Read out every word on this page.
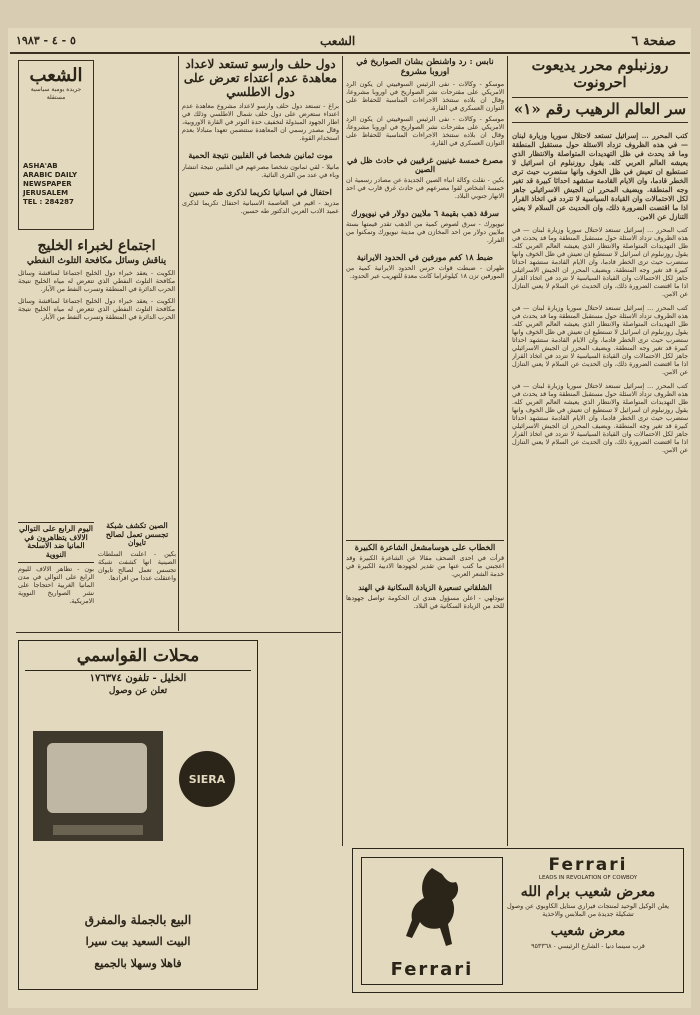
صفحة ٦
الشعب
٥ - ٤ - ١٩٨٣

روزنبلوم محرر يديعوت احرونوت

سر العالم الرهيب رقم «١»

كتب المحرر … إسرائيل تستعد لاحتلال سوريا وزيارة لبنان — في هذه الظروف تزداد الاسئلة حول مستقبل المنطقة وما قد يحدث في ظل التهديدات المتواصلة والانتظار الذي يعيشه العالم العربي كله. يقول روزنبلوم ان اسرائيل لا تستطيع ان تعيش في ظل الخوف وانها ستضرب حيث ترى الخطر قادما، وان الايام القادمة ستشهد احداثا كبيرة قد تغير وجه المنطقة. ويضيف المحرر ان الجيش الاسرائيلي جاهز لكل الاحتمالات وان القيادة السياسية لا تتردد في اتخاذ القرار اذا ما اقتضت الضرورة ذلك، وان الحديث عن السلام لا يعني التنازل عن الامن.

كتب المحرر … إسرائيل تستعد لاحتلال سوريا وزيارة لبنان — في هذه الظروف تزداد الاسئلة حول مستقبل المنطقة وما قد يحدث في ظل التهديدات المتواصلة والانتظار الذي يعيشه العالم العربي كله. يقول روزنبلوم ان اسرائيل لا تستطيع ان تعيش في ظل الخوف وانها ستضرب حيث ترى الخطر قادما، وان الايام القادمة ستشهد احداثا كبيرة قد تغير وجه المنطقة. ويضيف المحرر ان الجيش الاسرائيلي جاهز لكل الاحتمالات وان القيادة السياسية لا تتردد في اتخاذ القرار اذا ما اقتضت الضرورة ذلك، وان الحديث عن السلام لا يعني التنازل عن الامن.

كتب المحرر … إسرائيل تستعد لاحتلال سوريا وزيارة لبنان — في هذه الظروف تزداد الاسئلة حول مستقبل المنطقة وما قد يحدث في ظل التهديدات المتواصلة والانتظار الذي يعيشه العالم العربي كله. يقول روزنبلوم ان اسرائيل لا تستطيع ان تعيش في ظل الخوف وانها ستضرب حيث ترى الخطر قادما، وان الايام القادمة ستشهد احداثا كبيرة قد تغير وجه المنطقة. ويضيف المحرر ان الجيش الاسرائيلي جاهز لكل الاحتمالات وان القيادة السياسية لا تتردد في اتخاذ القرار اذا ما اقتضت الضرورة ذلك، وان الحديث عن السلام لا يعني التنازل عن الامن.

كتب المحرر … إسرائيل تستعد لاحتلال سوريا وزيارة لبنان — في هذه الظروف تزداد الاسئلة حول مستقبل المنطقة وما قد يحدث في ظل التهديدات المتواصلة والانتظار الذي يعيشه العالم العربي كله. يقول روزنبلوم ان اسرائيل لا تستطيع ان تعيش في ظل الخوف وانها ستضرب حيث ترى الخطر قادما، وان الايام القادمة ستشهد احداثا كبيرة قد تغير وجه المنطقة. ويضيف المحرر ان الجيش الاسرائيلي جاهز لكل الاحتمالات وان القيادة السياسية لا تتردد في اتخاذ القرار اذا ما اقتضت الضرورة ذلك، وان الحديث عن السلام لا يعني التنازل عن الامن.

نابس : رد واشنطن بشأن الصواريخ في اوروبا مشروع

موسكو - وكالات - نفى الرئيس السوفييتي ان يكون الرد الامريكي على مقترحات نشر الصواريخ في اوروبا مشروعا، وقال ان بلاده ستتخذ الاجراءات المناسبة للحفاظ على التوازن العسكري في القارة.

موسكو - وكالات - نفى الرئيس السوفييتي ان يكون الرد الامريكي على مقترحات نشر الصواريخ في اوروبا مشروعا، وقال ان بلاده ستتخذ الاجراءات المناسبة للحفاظ على التوازن العسكري في القارة.

مصرع خمسة غينيين غرقيين في حادث ظل في الصين

بكين - نقلت وكالة انباء الصين الجديدة عن مصادر رسمية ان خمسة اشخاص لقوا مصرعهم في حادث غرق قارب في احد الانهار جنوبي البلاد.

سرقة ذهب بقيمة ٦ ملايين دولار في نيويورك

نيويورك - سرق لصوص كمية من الذهب تقدر قيمتها بستة ملايين دولار من احد المخازن في مدينة نيويورك وتمكنوا من الفرار.

ضبط ١٨ كغم مورفين في الحدود الايرانية

طهران - ضبطت قوات حرس الحدود الايرانية كمية من المورفين تزن ١٨ كيلوغراما كانت معدة للتهريب عبر الحدود.

دول حلف وارسو تستعد لاعداد معاهدة عدم اعتداء تعرض على دول الاطلسي

براغ - تستعد دول حلف وارسو لاعداد مشروع معاهدة عدم اعتداء ستعرض على دول حلف شمال الاطلسي وذلك في اطار الجهود المبذولة لتخفيف حدة التوتر في القارة الاوروبية، وقال مصدر رسمي ان المعاهدة ستتضمن تعهدا متبادلا بعدم استخدام القوة.

موت ثمانين شخصا في الفلبين نتيجة الحمية

مانيلا - لقي ثمانون شخصا مصرعهم في الفلبين نتيجة انتشار وباء في عدد من القرى النائية.

احتفال في اسبانيا تكريما لذكرى طه حسين

مدريد - اقيم في العاصمة الاسبانية احتفال تكريما لذكرى عميد الادب العربي الدكتور طه حسين.

الشعب
جريدة يومية سياسية مستقلة
ASHA'AB
ARABIC DAILY
NEWSPAPER
JERUSALEM
TEL : 284287

اجتماع لخبراء الخليج

يناقش وسائل مكافحة التلوث النفطي

الكويت - يعقد خبراء دول الخليج اجتماعا لمناقشة وسائل مكافحة التلوث النفطي الذي تتعرض له مياه الخليج نتيجة الحرب الدائرة في المنطقة وتسرب النفط من الآبار.

الكويت - يعقد خبراء دول الخليج اجتماعا لمناقشة وسائل مكافحة التلوث النفطي الذي تتعرض له مياه الخليج نتيجة الحرب الدائرة في المنطقة وتسرب النفط من الآبار.

اليوم الرابع على التوالي الالاف يتظاهرون في المانيا ضد الاسلحة النووية

بون - تظاهر الالاف لليوم الرابع على التوالي في مدن المانيا الغربية احتجاجا على نشر الصواريخ النووية الامريكية.

الصين تكشف شبكة تجسس تعمل لصالح تايوان

بكين - اعلنت السلطات الصينية انها كشفت شبكة تجسس تعمل لصالح تايوان واعتقلت عددا من افرادها.

الخطاب على هوسامشعل الشاعرة الكبيرة

قرأت في احدى الصحف مقالا عن الشاعرة الكبيرة وقد اعجبني ما كتب عنها من تقدير لجهودها الادبية الكبيرة في خدمة الشعر العربي.

الشلقاني تسعيرة الزيادة السكانية في الهند

نيودلهي - اعلن مسؤول هندي ان الحكومة تواصل جهودها للحد من الزيادة السكانية في البلاد.

محلات القواسمي
الخليل - تلفون ١٧٦٣٧٤
تعلن عن وصول
SIERA
البيع بالجملة والمفرق
البيت السعيد بيت سيرا
فاهلا وسهلا بالجميع
Ferrari
LEADS IN REVOLATION OF COWBOY
معرض شعيب برام الله
يعلن الوكيل الوحيد لمنتجات فيراري ستايل الكاوبوي عن وصول تشكيلة جديدة من الملابس والاحذية
معرض شعيب
قرب سينما دنيا - الشارع الرئيسي - ٩٥٣٣٦٨
Ferrari
